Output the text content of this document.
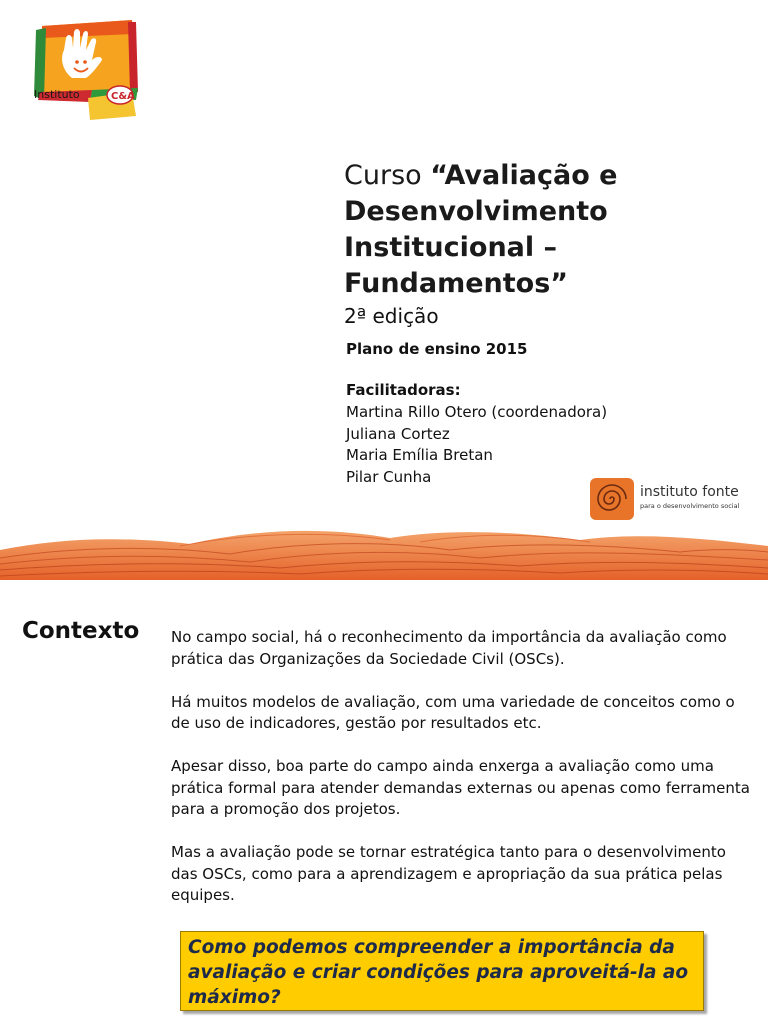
Instituto	C&A
Curso “Avaliação e
Desenvolvimento
Institucional –
Fundamentos”
2ª edição
Plano de ensino 2015
Facilitadoras:
Martina Rillo Otero (coordenadora)
Juliana Cortez
Maria Emília Bretan
Pilar Cunha
instituto fonte
para o desenvolvimento social
Contexto No campo social, há o reconhecimento da importância da avaliação como prática das Organizações da Sociedade Civil (OSCs).

Há muitos modelos de avaliação, com uma variedade de conceitos como o de uso de indicadores, gestão por resultados etc.

Apesar disso, boa parte do campo ainda enxerga a avaliação como uma prática formal para atender demandas externas ou apenas como ferramenta para a promoção dos projetos.

Mas a avaliação pode se tornar estratégica tanto para o desenvolvimento das OSCs, como para a aprendizagem e apropriação da sua prática pelas equipes.

Como podemos compreender a importância da avaliação e criar condições para aproveitá-la ao máximo?
